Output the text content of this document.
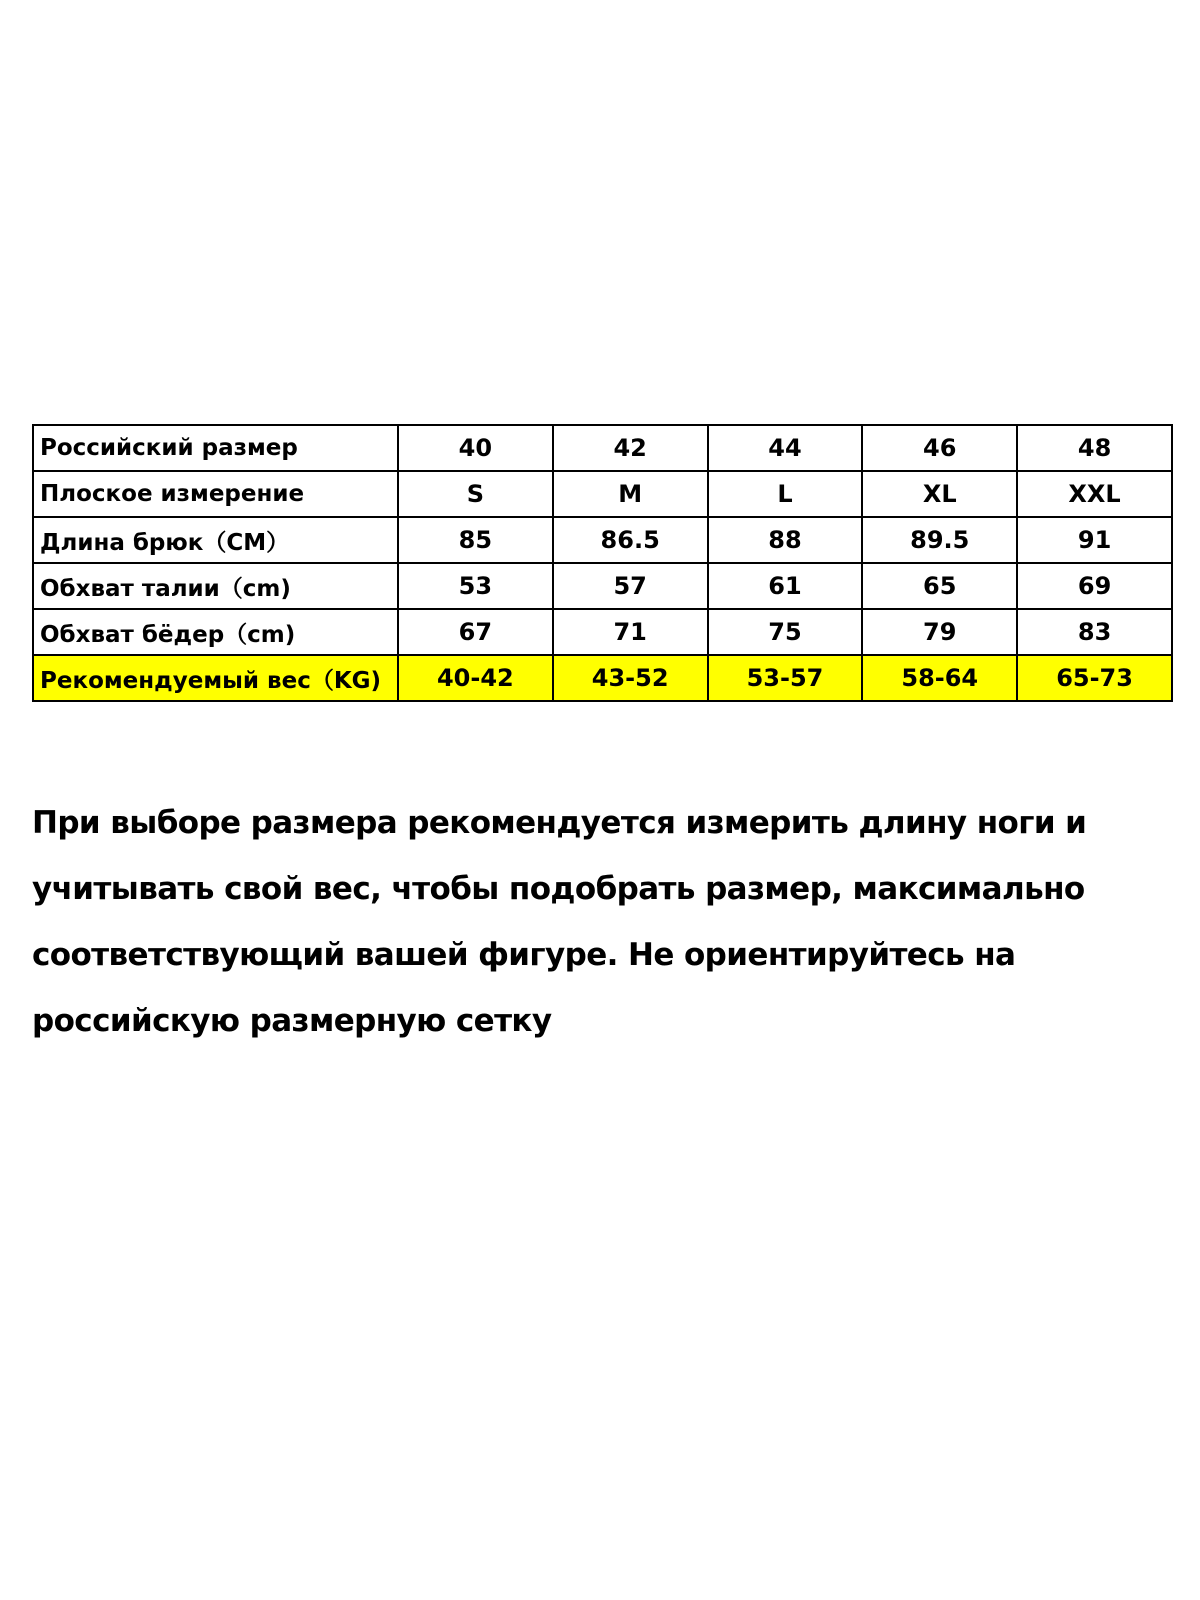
Российский размер	40	42	44	46	48
Плоское измерение	S	M	L	XL	XXL
Длина брюк（CM）	85	86.5	88	89.5	91
Обхват талии（cm)	53	57	61	65	69
Обхват бёдер（cm)	67	71	75	79	83
Рекомендуемый вес（KG)	40-42	43-52	53-57	58-64	65-73

При выборе размера рекомендуется измерить длину ноги и учитывать свой вес, чтобы подобрать размер, максимально соответствующий вашей фигуре. Не ориентируйтесь на российскую размерную сетку
